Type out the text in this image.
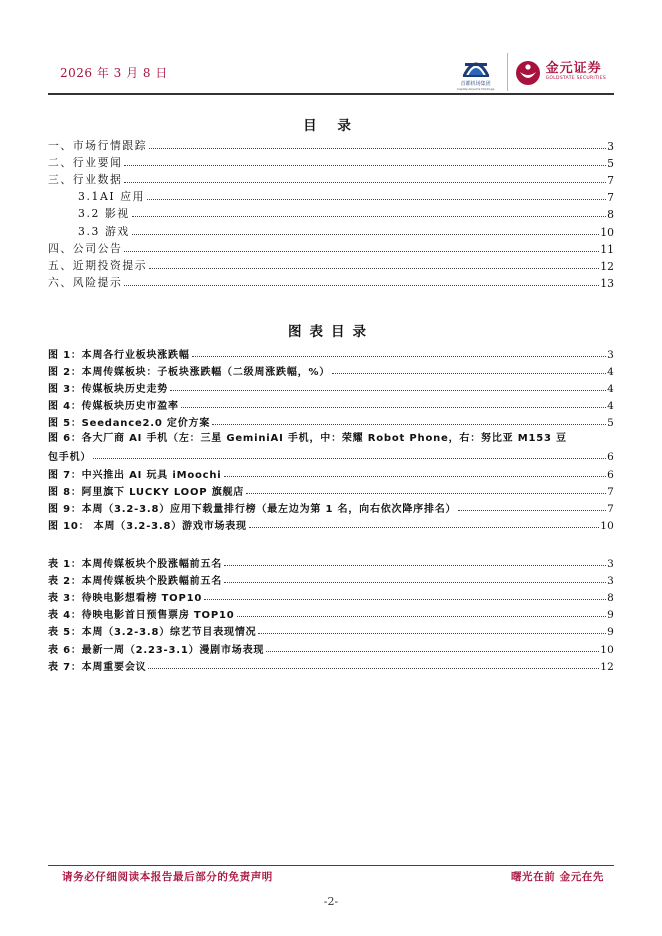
2026 年 3 月 8 日
首都机场集团
Capital Airports Holdings
金元证券
GOLDSTATE SECURITIES
目 录
一、市场行情跟踪	3
二、行业要闻	5
三、行业数据	7
3.1AI 应用	7
3.2 影视	8
3.3 游戏	10
四、公司公告	11
五、近期投资提示	12
六、风险提示	13
图表目录
图 1：本周各行业板块涨跌幅	3
图 2：本周传媒板块：子板块涨跌幅（二级周涨跌幅，%）	4
图 3：传媒板块历史走势	4
图 4：传媒板块历史市盈率	4
图 5：Seedance2.0 定价方案	5
图 6：各大厂商 AI 手机（左：三星 GeminiAI 手机，中：荣耀 Robot Phone，右：努比亚 M153 豆
包手机）	6
图 7：中兴推出 AI 玩具 iMoochi	6
图 8：阿里旗下 LUCKY LOOP 旗舰店	7
图 9：本周（3.2-3.8）应用下载量排行榜（最左边为第 1 名，向右依次降序排名）	7
图 10： 本周（3.2-3.8）游戏市场表现	10
表 1：本周传媒板块个股涨幅前五名	3
表 2：本周传媒板块个股跌幅前五名	3
表 3：待映电影想看榜 TOP10	8
表 4：待映电影首日预售票房 TOP10	9
表 5：本周（3.2-3.8）综艺节目表现情况	9
表 6：最新一周（2.23-3.1）漫剧市场表现	10
表 7：本周重要会议	12
请务必仔细阅读本报告最后部分的免责声明	曙光在前 金元在先
-2-
